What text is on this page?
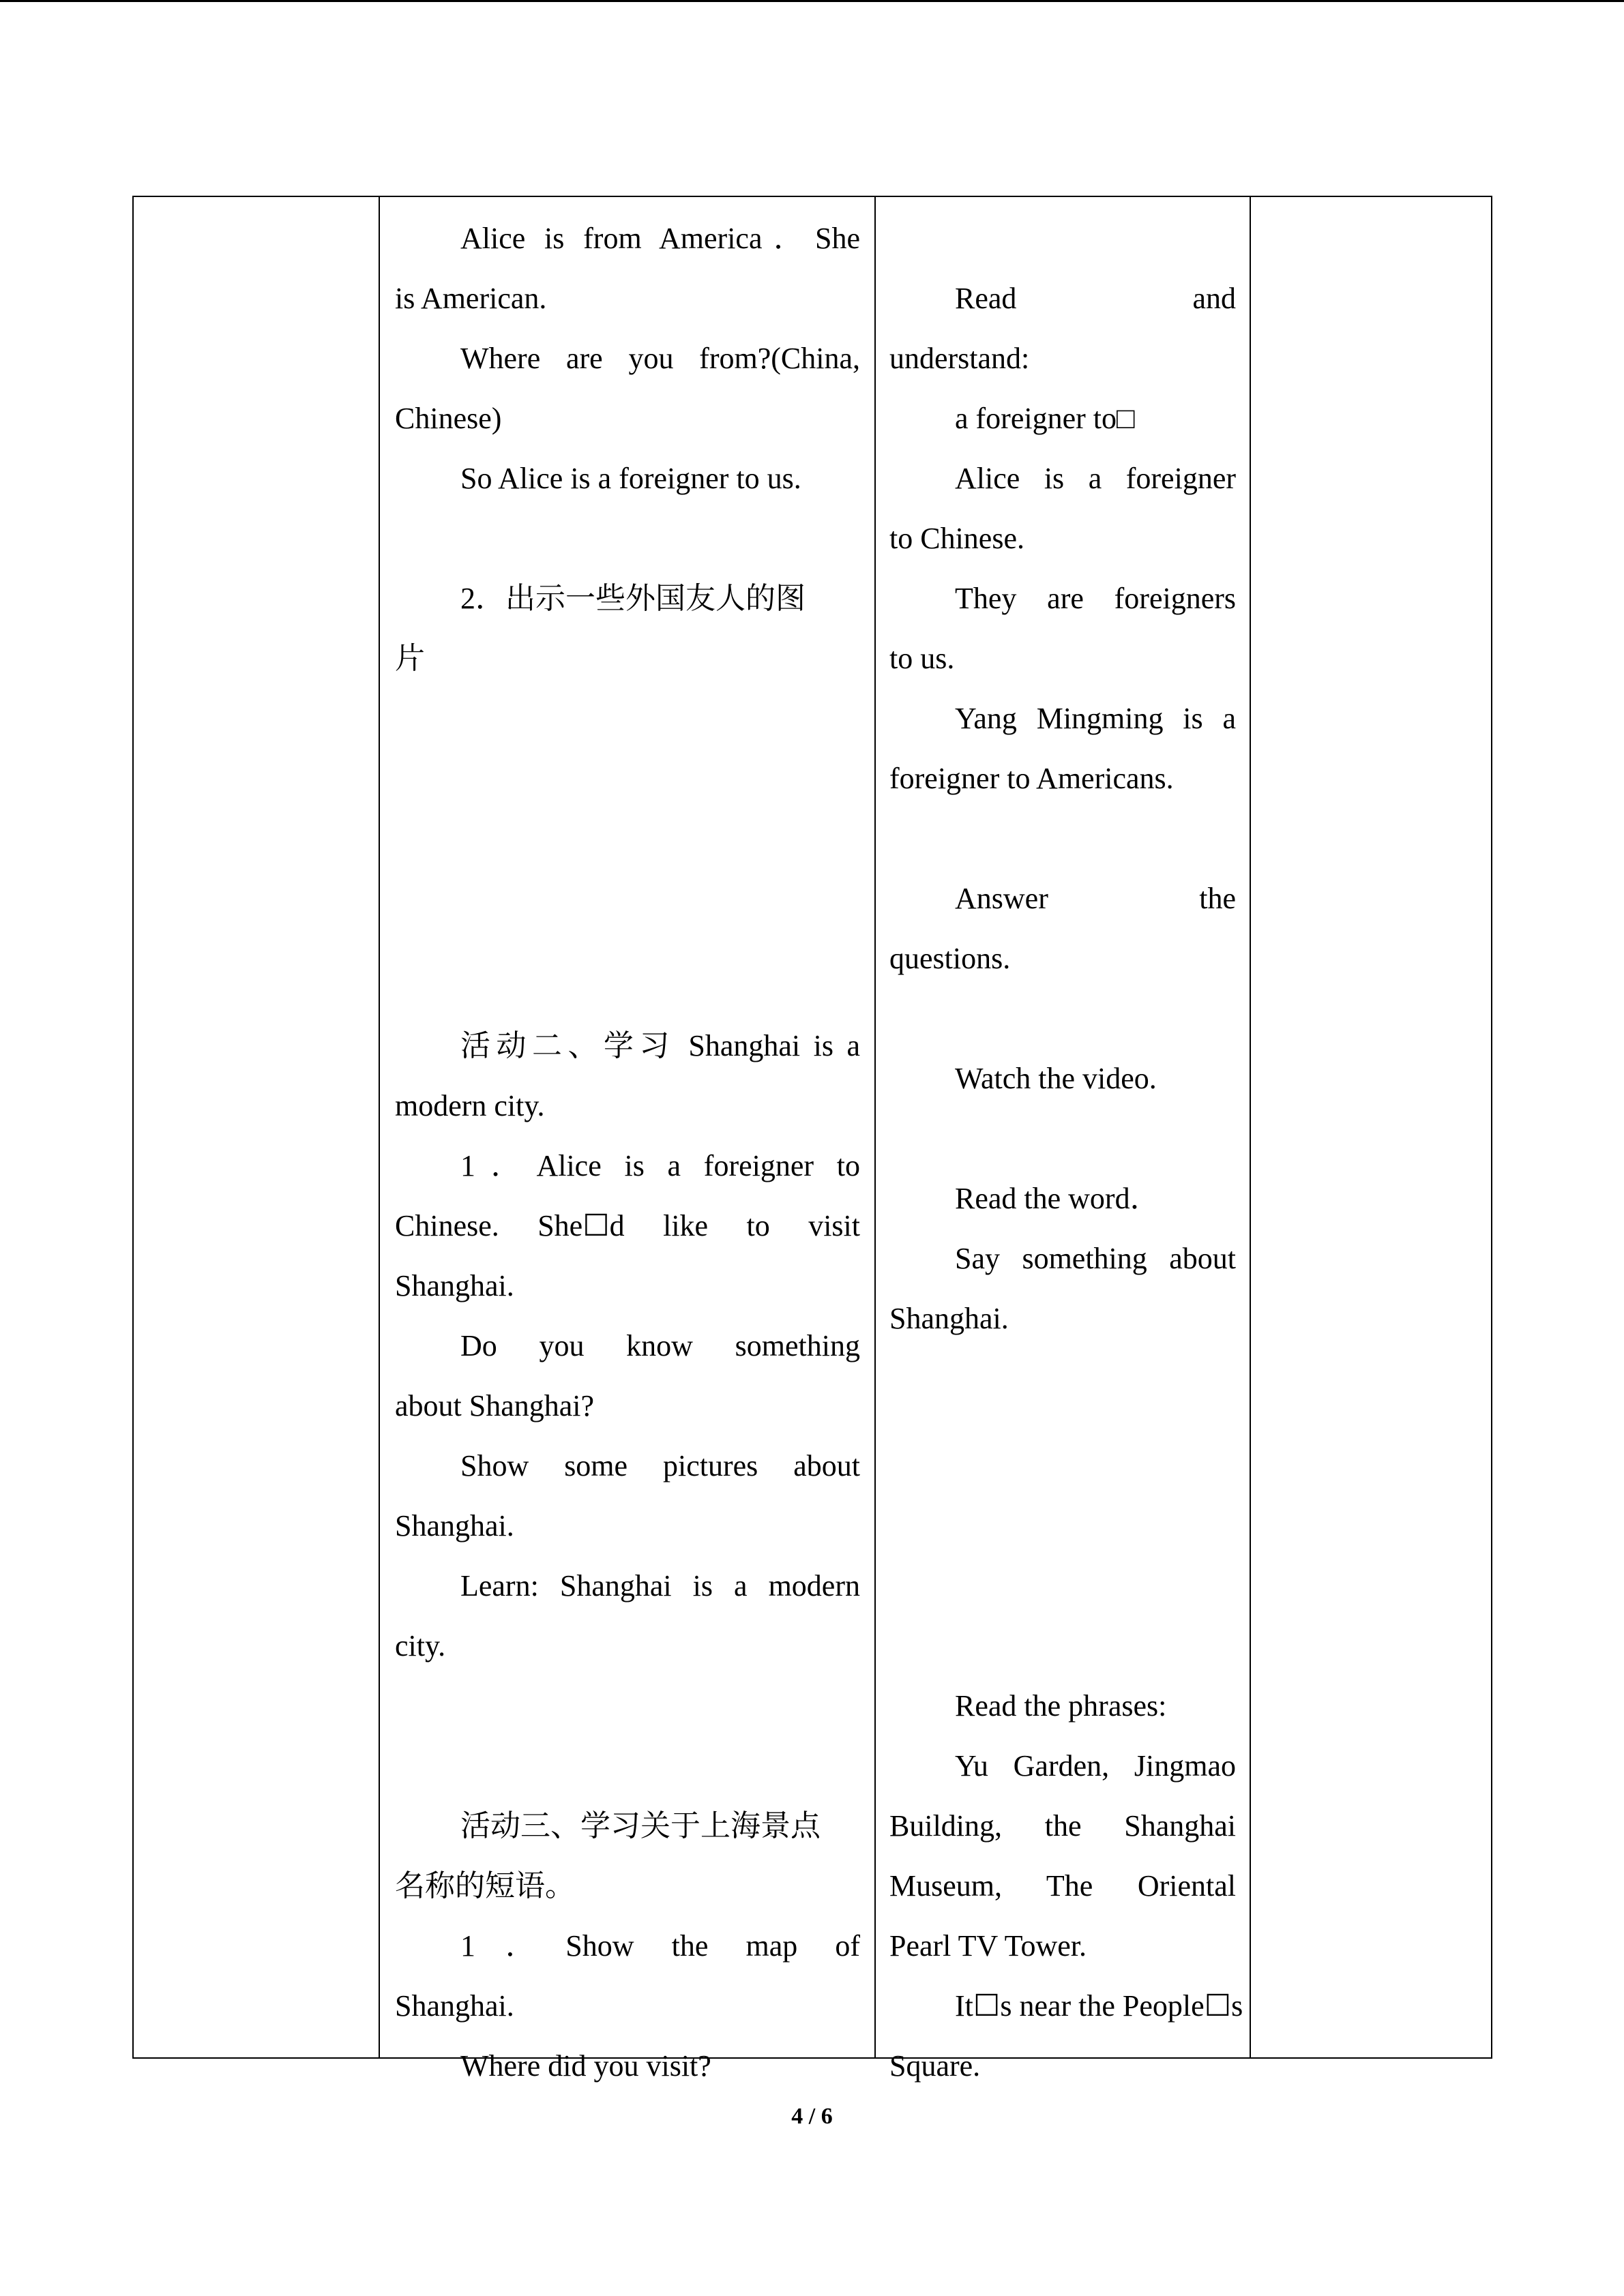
Alice is from America．She
is American.
Where are you from?(China,
Chinese)
So Alice is a foreigner to us.
2．出示一些外国友人的图
片
活动二、学习 Shanghai is a
modern city.
1．Alice is a foreigner to
Chinese. She☐d like to visit
Shanghai.
Do you know something
about Shanghai?
Show some pictures about
Shanghai.
Learn: Shanghai is a modern
city.
活动三、学习关于上海景点
名称的短语。
1．Show the map of
Shanghai.
Where did you visit?
Read and
understand:
a foreigner to□
Alice is a foreigner
to Chinese.
They are foreigners
to us.
Yang Mingming is a
foreigner to Americans.
Answer the
questions.
Watch the video.
Read the word．
Say something about
Shanghai.
Read the phrases:
Yu Garden, Jingmao
Building, the Shanghai
Museum, The Oriental
Pearl TV Tower.
It☐s near the People☐s
Square.
4 / 6
